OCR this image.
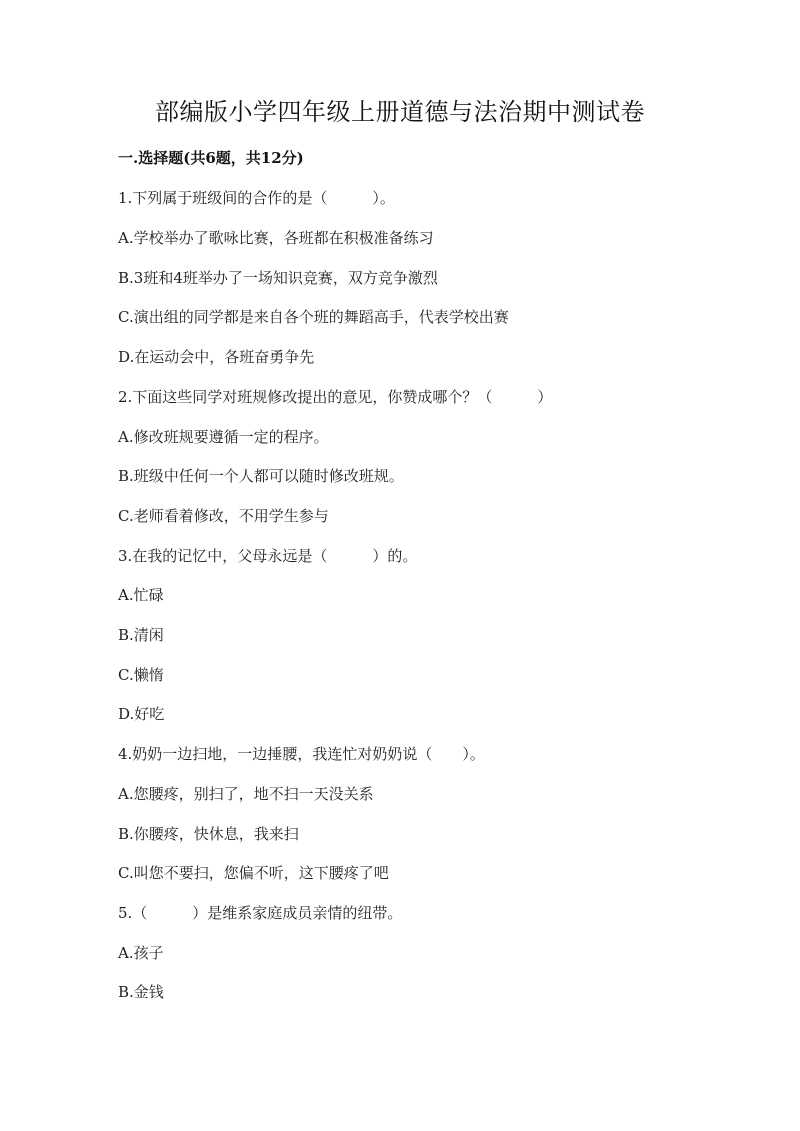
部编版小学四年级上册道德与法治期中测试卷
一.选择题(共6题，共12分)
1.下列属于班级间的合作的是（　　　）。
A.学校举办了歌咏比赛，各班都在积极准备练习
B.3班和4班举办了一场知识竞赛，双方竞争激烈
C.演出组的同学都是来自各个班的舞蹈高手，代表学校出赛
D.在运动会中，各班奋勇争先
2.下面这些同学对班规修改提出的意见，你赞成哪个？（　　　）
A.修改班规要遵循一定的程序。
B.班级中任何一个人都可以随时修改班规。
C.老师看着修改，不用学生参与
3.在我的记忆中，父母永远是（　　　）的。
A.忙碌
B.清闲
C.懒惰
D.好吃
4.奶奶一边扫地，一边捶腰，我连忙对奶奶说（　　）。
A.您腰疼，别扫了，地不扫一天没关系
B.你腰疼，快休息，我来扫
C.叫您不要扫，您偏不听，这下腰疼了吧
5.（　　　）是维系家庭成员亲情的纽带。
A.孩子
B.金钱
